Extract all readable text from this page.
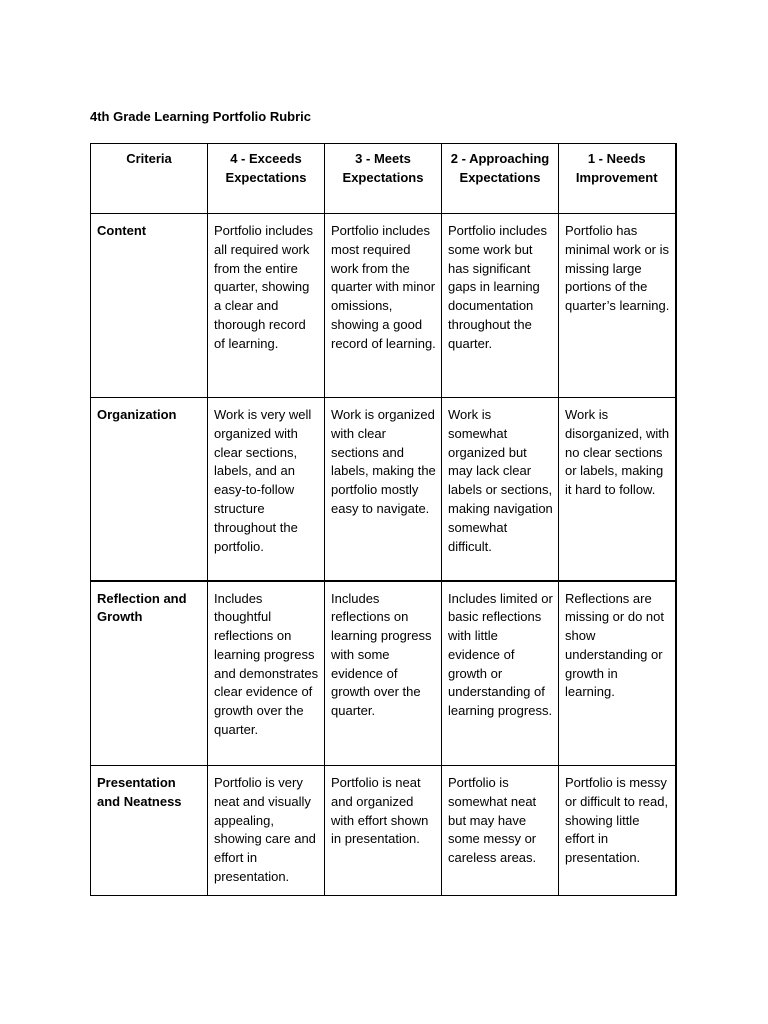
4th Grade Learning Portfolio Rubric
Criteria	4 - Exceeds Expectations	3 - Meets Expectations	2 - Approaching Expectations	1 - Needs Improvement
Content	Portfolio includes all required work from the entire quarter, showing a clear and thorough record of learning.	Portfolio includes most required work from the quarter with minor omissions, showing a good record of learning.	Portfolio includes some work but has significant gaps in learning documentation throughout the quarter.	Portfolio has minimal work or is missing large portions of the quarter’s learning.
Organization	Work is very well organized with clear sections, labels, and an easy-to-follow structure throughout the portfolio.	Work is organized with clear sections and labels, making the portfolio mostly easy to navigate.	Work is somewhat organized but may lack clear labels or sections, making navigation somewhat difficult.	Work is disorganized, with no clear sections or labels, making it hard to follow.
Reflection and Growth	Includes thoughtful reflections on learning progress and demonstrates clear evidence of growth over the quarter.	Includes reflections on learning progress with some evidence of growth over the quarter.	Includes limited or basic reflections with little evidence of growth or understanding of learning progress.	Reflections are missing or do not show understanding or growth in learning.
Presentation and Neatness	Portfolio is very neat and visually appealing, showing care and effort in presentation.	Portfolio is neat and organized with effort shown in presentation.	Portfolio is somewhat neat but may have some messy or careless areas.	Portfolio is messy or difficult to read, showing little effort in presentation.
